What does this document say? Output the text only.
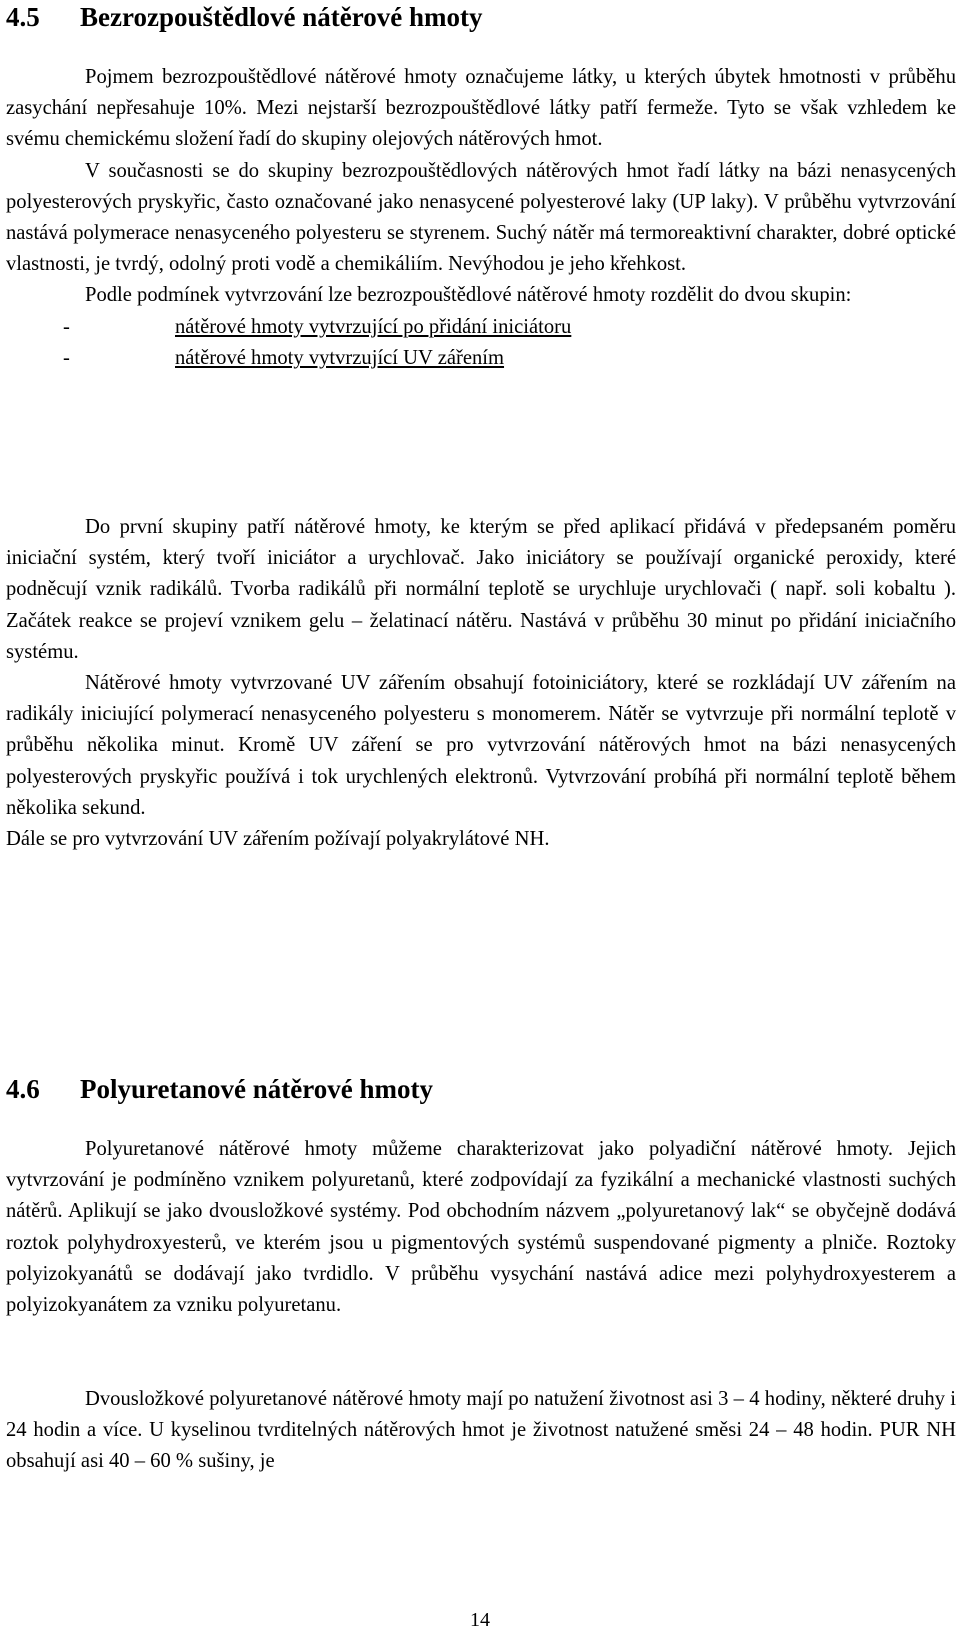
4.5 Bezrozpouštědlové nátěrové hmoty

Pojmem bezrozpouštědlové nátěrové hmoty označujeme látky, u kterých úbytek hmotnosti v průběhu zasychání nepřesahuje 10%. Mezi nejstarší bezrozpouštědlové látky patří fermeže. Tyto se však vzhledem ke svému chemickému složení řadí do skupiny olejových nátěrových hmot.

V současnosti se do skupiny bezrozpouštědlových nátěrových hmot řadí látky na bázi nenasycených polyesterových pryskyřic, často označované jako nenasycené polyesterové laky (UP laky). V průběhu vytvrzování nastává polymerace nenasyceného polyesteru se styrenem. Suchý nátěr má termoreaktivní charakter, dobré optické vlastnosti, je tvrdý, odolný proti vodě a chemikáliím. Nevýhodou je jeho křehkost.

Podle podmínek vytvrzování lze bezrozpouštědlové nátěrové hmoty rozdělit do dvou skupin:

-	nátěrové hmoty vytvrzující po přidání iniciátoru
-	nátěrové hmoty vytvrzující UV zářením

Do první skupiny patří nátěrové hmoty, ke kterým se před aplikací přidává v předepsaném poměru iniciační systém, který tvoří iniciátor a urychlovač. Jako iniciátory se používají organické peroxidy, které podněcují vznik radikálů. Tvorba radikálů při normální teplotě se urychluje urychlovači ( např. soli kobaltu ). Začátek reakce se projeví vznikem gelu – želatinací nátěru. Nastává v průběhu 30 minut po přidání iniciačního systému.

Nátěrové hmoty vytvrzované UV zářením obsahují fotoiniciátory, které se rozkládají UV zářením na radikály iniciující polymerací nenasyceného polyesteru s monomerem. Nátěr se vytvrzuje při normální teplotě v průběhu několika minut. Kromě UV záření se pro vytvrzování nátěrových hmot na bázi nenasycených polyesterových pryskyřic používá i tok urychlených elektronů. Vytvrzování probíhá při normální teplotě během několika sekund.

Dále se pro vytvrzování UV zářením požívají polyakrylátové NH.

4.6 Polyuretanové nátěrové hmoty

Polyuretanové nátěrové hmoty můžeme charakterizovat jako polyadiční nátěrové hmoty. Jejich vytvrzování je podmíněno vznikem polyuretanů, které zodpovídají za fyzikální a mechanické vlastnosti suchých nátěrů. Aplikují se jako dvousložkové systémy. Pod obchodním názvem „polyuretanový lak“ se obyčejně dodává roztok polyhydroxyesterů, ve kterém jsou u pigmentových systémů suspendované pigmenty a plniče. Roztoky polyizokyanátů se dodávají jako tvrdidlo. V průběhu vysychání nastává adice mezi polyhydroxyesterem a polyizokyanátem za vzniku polyuretanu.

Dvousložkové polyuretanové nátěrové hmoty mají po natužení životnost asi 3 – 4 hodiny, některé druhy i 24 hodin a více. U kyselinou tvrditelných nátěrových hmot je životnost natužené směsi 24 – 48 hodin. PUR NH obsahují asi 40 – 60 % sušiny, je

14
